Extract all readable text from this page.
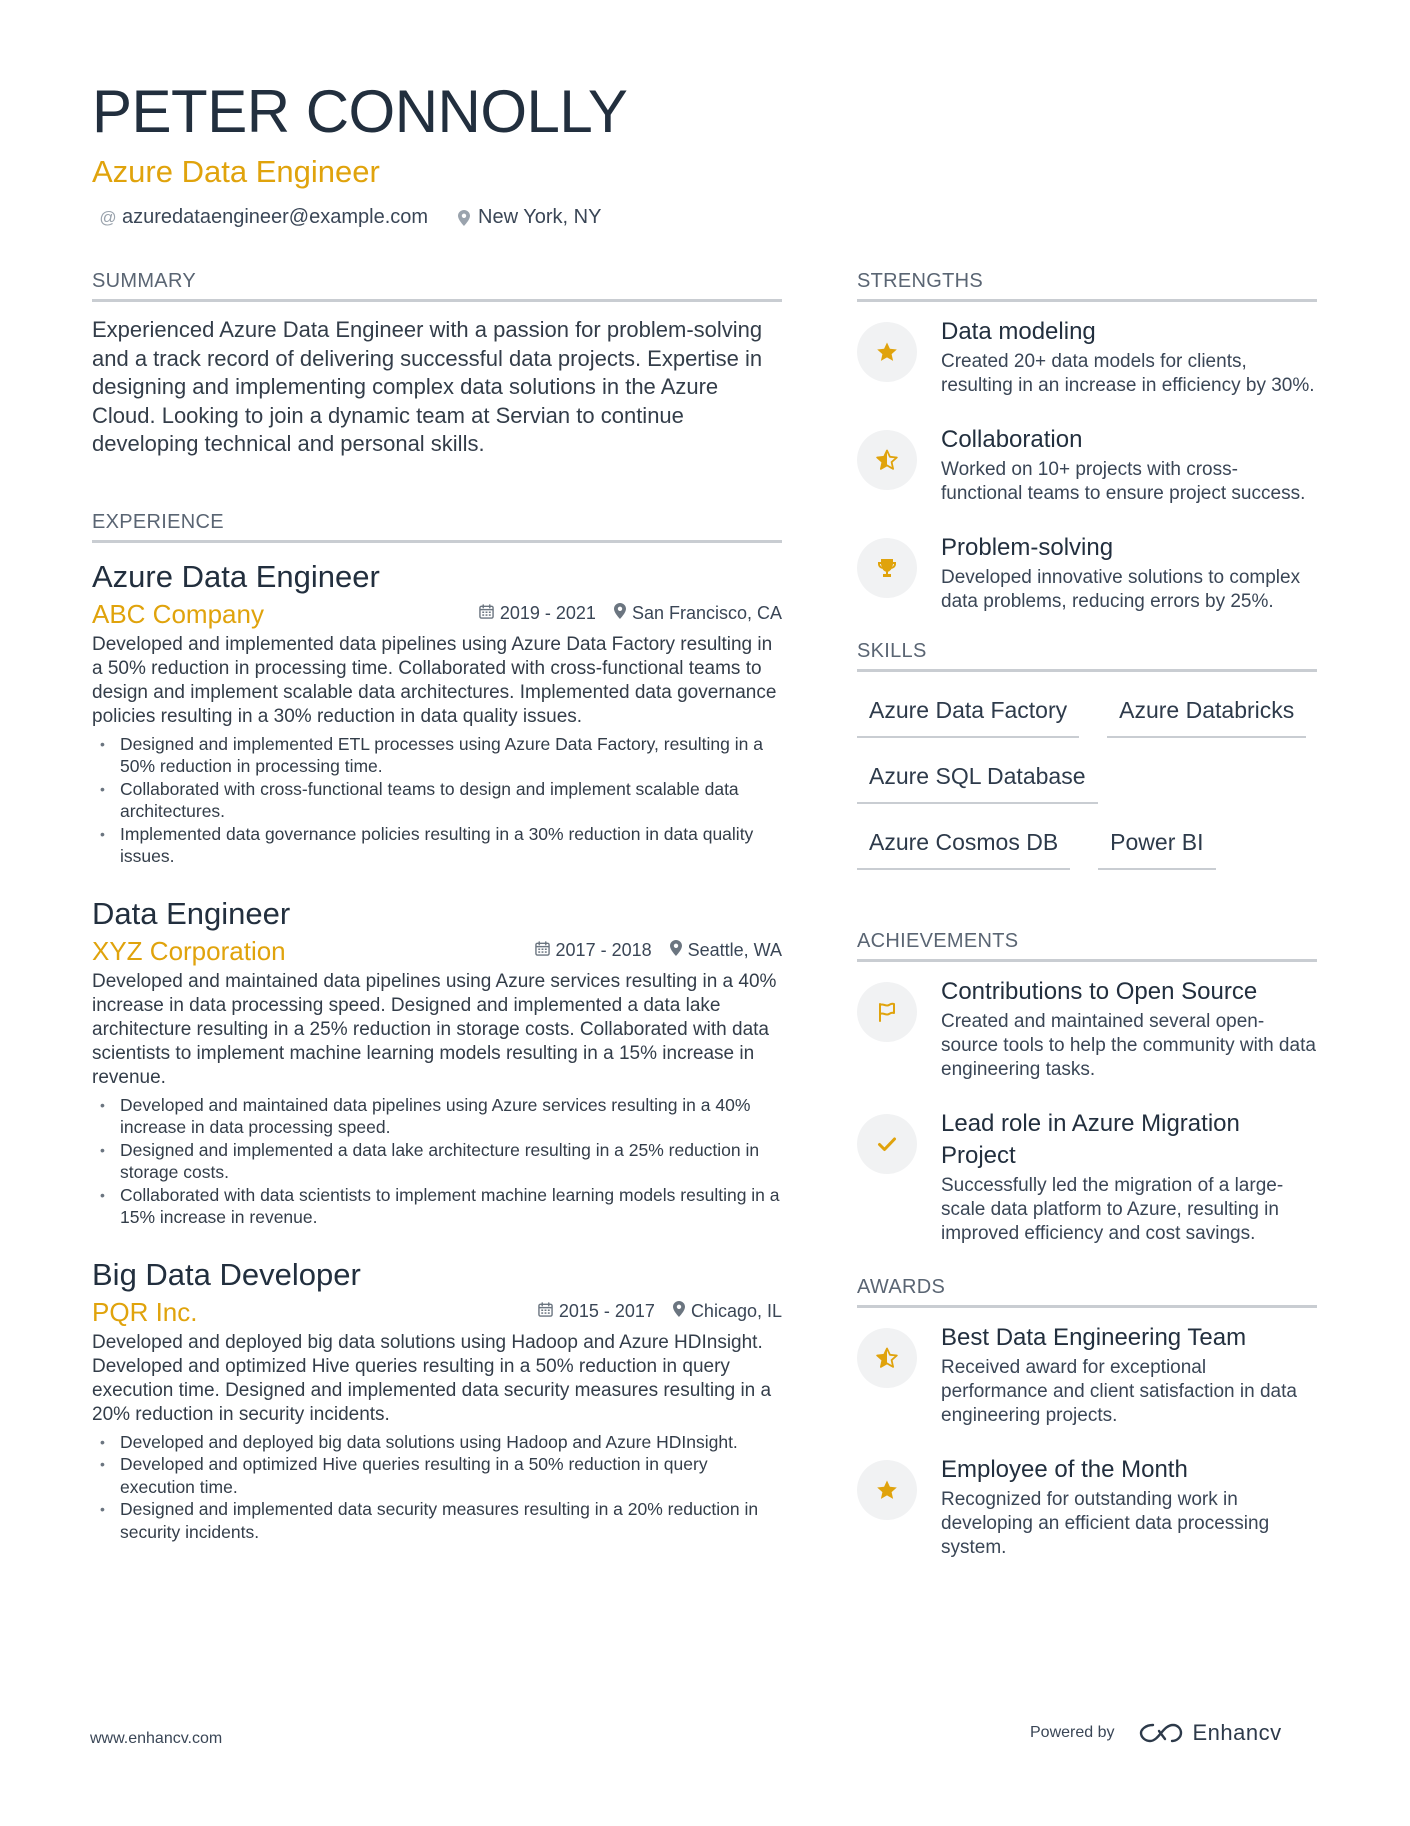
PETER CONNOLLY
Azure Data Engineer
@ azuredataengineer@example.com	New York, NY
SUMMARY
Experienced Azure Data Engineer with a passion for problem-solving and a track record of delivering successful data projects. Expertise in designing and implementing complex data solutions in the Azure Cloud. Looking to join a dynamic team at Servian to continue developing technical and personal skills.
EXPERIENCE
Azure Data Engineer
ABC Company	2019 - 2021 San Francisco, CA
Developed and implemented data pipelines using Azure Data Factory resulting in a 50% reduction in processing time. Collaborated with cross-functional teams to design and implement scalable data architectures. Implemented data governance policies resulting in a 30% reduction in data quality issues.
• Designed and implemented ETL processes using Azure Data Factory, resulting in a 50% reduction in processing time.
• Collaborated with cross-functional teams to design and implement scalable data architectures.
• Implemented data governance policies resulting in a 30% reduction in data quality issues.
Data Engineer
XYZ Corporation	2017 - 2018 Seattle, WA
Developed and maintained data pipelines using Azure services resulting in a 40% increase in data processing speed. Designed and implemented a data lake architecture resulting in a 25% reduction in storage costs. Collaborated with data scientists to implement machine learning models resulting in a 15% increase in revenue.
• Developed and maintained data pipelines using Azure services resulting in a 40% increase in data processing speed.
• Designed and implemented a data lake architecture resulting in a 25% reduction in storage costs.
• Collaborated with data scientists to implement machine learning models resulting in a 15% increase in revenue.
Big Data Developer
PQR Inc.	2015 - 2017 Chicago, IL
Developed and deployed big data solutions using Hadoop and Azure HDInsight. Developed and optimized Hive queries resulting in a 50% reduction in query execution time. Designed and implemented data security measures resulting in a 20% reduction in security incidents.
• Developed and deployed big data solutions using Hadoop and Azure HDInsight.
• Developed and optimized Hive queries resulting in a 50% reduction in query execution time.
• Designed and implemented data security measures resulting in a 20% reduction in security incidents.
STRENGTHS
Data modeling
Created 20+ data models for clients, resulting in an increase in efficiency by 30%.
Collaboration
Worked on 10+ projects with cross-functional teams to ensure project success.
Problem-solving
Developed innovative solutions to complex data problems, reducing errors by 25%.
SKILLS
Azure Data Factory	Azure Databricks
Azure SQL Database
Azure Cosmos DB	Power BI
ACHIEVEMENTS
Contributions to Open Source
Created and maintained several open-source tools to help the community with data engineering tasks.
Lead role in Azure Migration Project
Successfully led the migration of a large-scale data platform to Azure, resulting in improved efficiency and cost savings.
AWARDS
Best Data Engineering Team
Received award for exceptional performance and client satisfaction in data engineering projects.
Employee of the Month
Recognized for outstanding work in developing an efficient data processing system.
www.enhancv.com	Powered by	Enhancv
